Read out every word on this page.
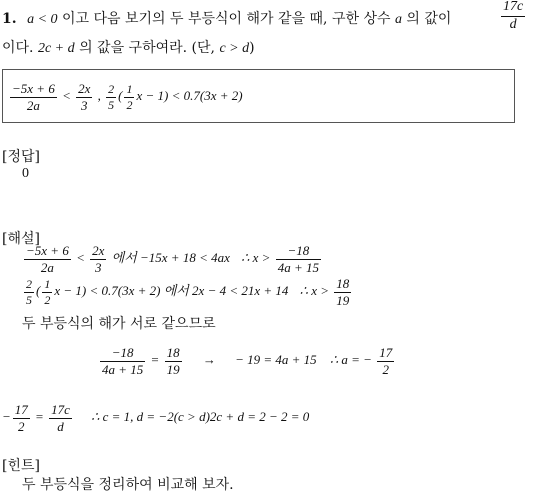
1. a < 0 이고 다음 보기의 두 부등식이 해가 같을 때, 구한 상수 a 의 값이	$\frac{17c}{d}$
이다. 2c + d 의 값을 구하여라. (단, c > d)
$\frac{-5x + 6}{2a} < \frac{2x}{3}$ , $\frac{2}{5}$ ( $\frac{1}{2}$ x − 1) < 0.7(3x + 2)
[정답]
0
[해설]
$\frac{-5x + 6}{2a} < \frac{2x}{3}$ 에서 −15x + 18 < 4ax ∴ $x > \frac{-18}{4a + 15}$
$\frac{2}{5}$ ( $\frac{1}{2}$ x − 1) < 0.7(3x + 2) 에서 2x − 4 < 21x + 14 ∴ $x > \frac{18}{19}$
두 부등식의 해가 서로 같으므로
$\frac{-18}{4a + 15} = \frac{18}{19}$ → − 19 = 4a + 15 ∴ a = − $\frac{17}{2}$
− $\frac{17}{2} = \frac{17c}{d}$ ∴ c = 1, d = −2(c > d)2c + d = 2 − 2 = 0
[힌트]
두 부등식을 정리하여 비교해 보자.
